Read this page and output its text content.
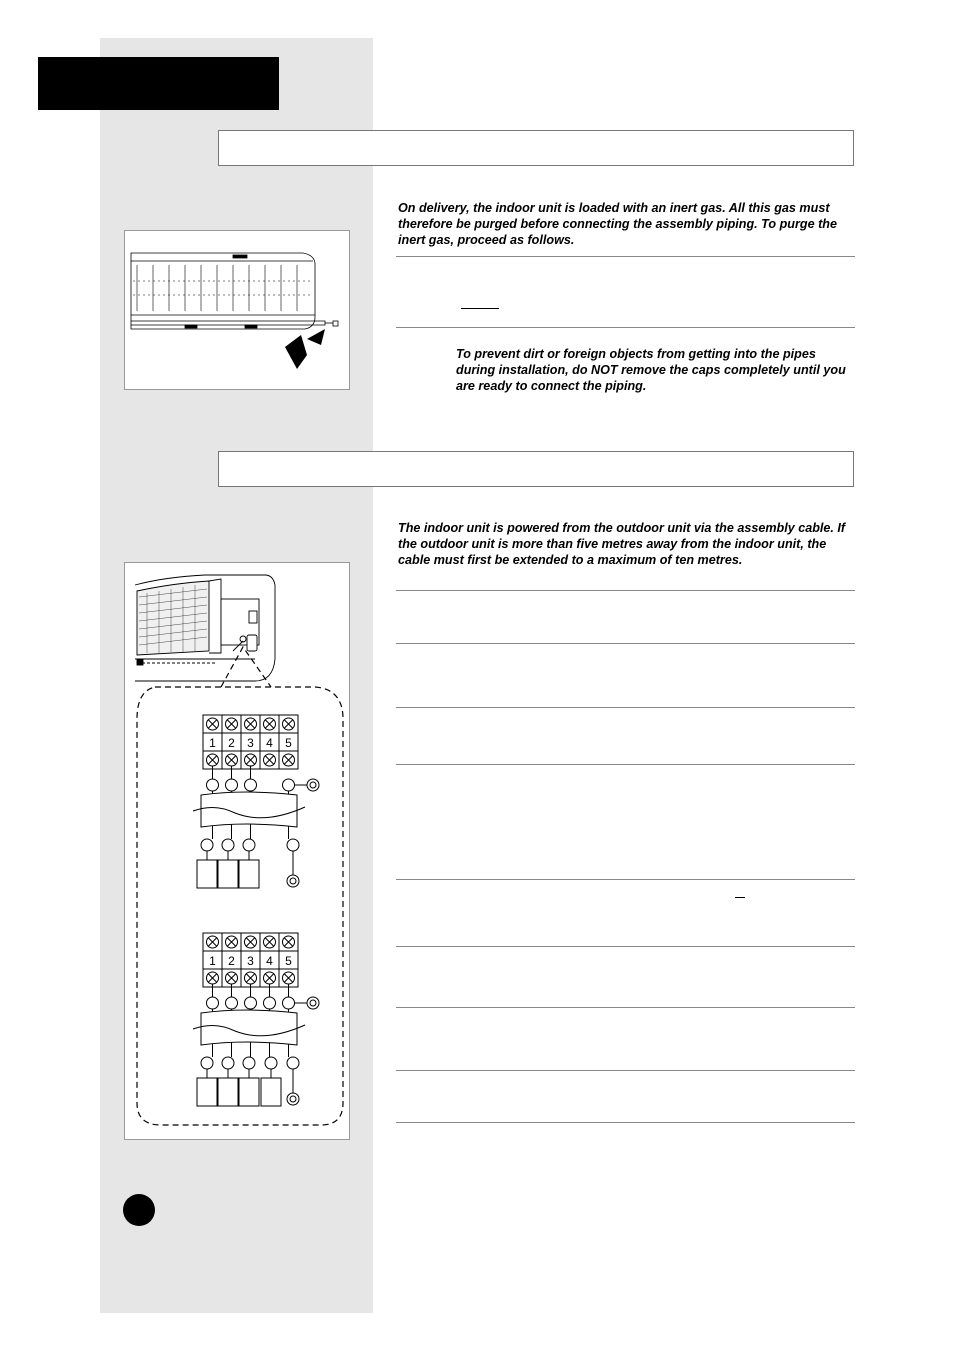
On delivery, the indoor unit is loaded with an inert gas. All this gas must therefore be purged before connecting the assembly piping. To purge the inert gas, proceed as follows.

To prevent dirt or foreign objects from getting into the pipes during installation, do NOT remove the caps completely until you are ready to connect the piping.

The indoor unit is powered from the outdoor unit via the assembly cable. If the outdoor unit is more than five metres away from the indoor unit, the cable must first be extended to a maximum of ten metres.

1 2 3 4 5
1 2 3 4 5
